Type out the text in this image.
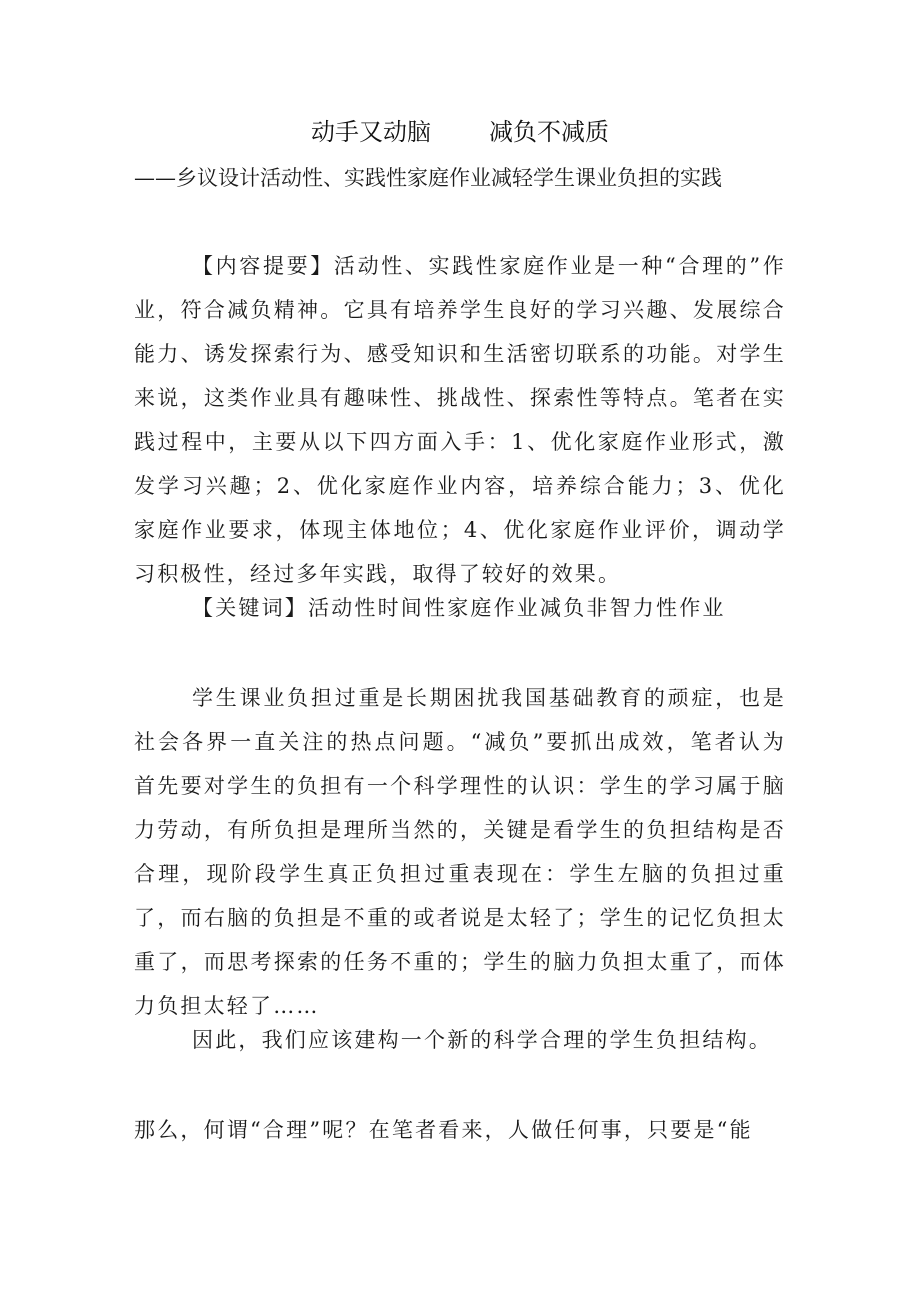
动手又动脑 减负不减质
——乡议设计活动性、实践性家庭作业减轻学生课业负担的实践

【内容提要】活动性、实践性家庭作业是一种“合理的”作业，符合减负精神。它具有培养学生良好的学习兴趣、发展综合能力、诱发探索行为、感受知识和生活密切联系的功能。对学生来说，这类作业具有趣味性、挑战性、探索性等特点。笔者在实践过程中，主要从以下四方面入手：1、优化家庭作业形式，激发学习兴趣；2、优化家庭作业内容，培养综合能力；3、优化家庭作业要求，体现主体地位；4、优化家庭作业评价，调动学习积极性，经过多年实践，取得了较好的效果。

【关键词】活动性时间性家庭作业减负非智力性作业

学生课业负担过重是长期困扰我国基础教育的顽症，也是社会各界一直关注的热点问题。“减负”要抓出成效，笔者认为首先要对学生的负担有一个科学理性的认识：学生的学习属于脑力劳动，有所负担是理所当然的，关键是看学生的负担结构是否合理，现阶段学生真正负担过重表现在：学生左脑的负担过重了，而右脑的负担是不重的或者说是太轻了；学生的记忆负担太重了，而思考探索的任务不重的；学生的脑力负担太重了，而体力负担太轻了……

因此，我们应该建构一个新的科学合理的学生负担结构。

那么，何谓“合理”呢？在笔者看来，人做任何事，只要是“能
